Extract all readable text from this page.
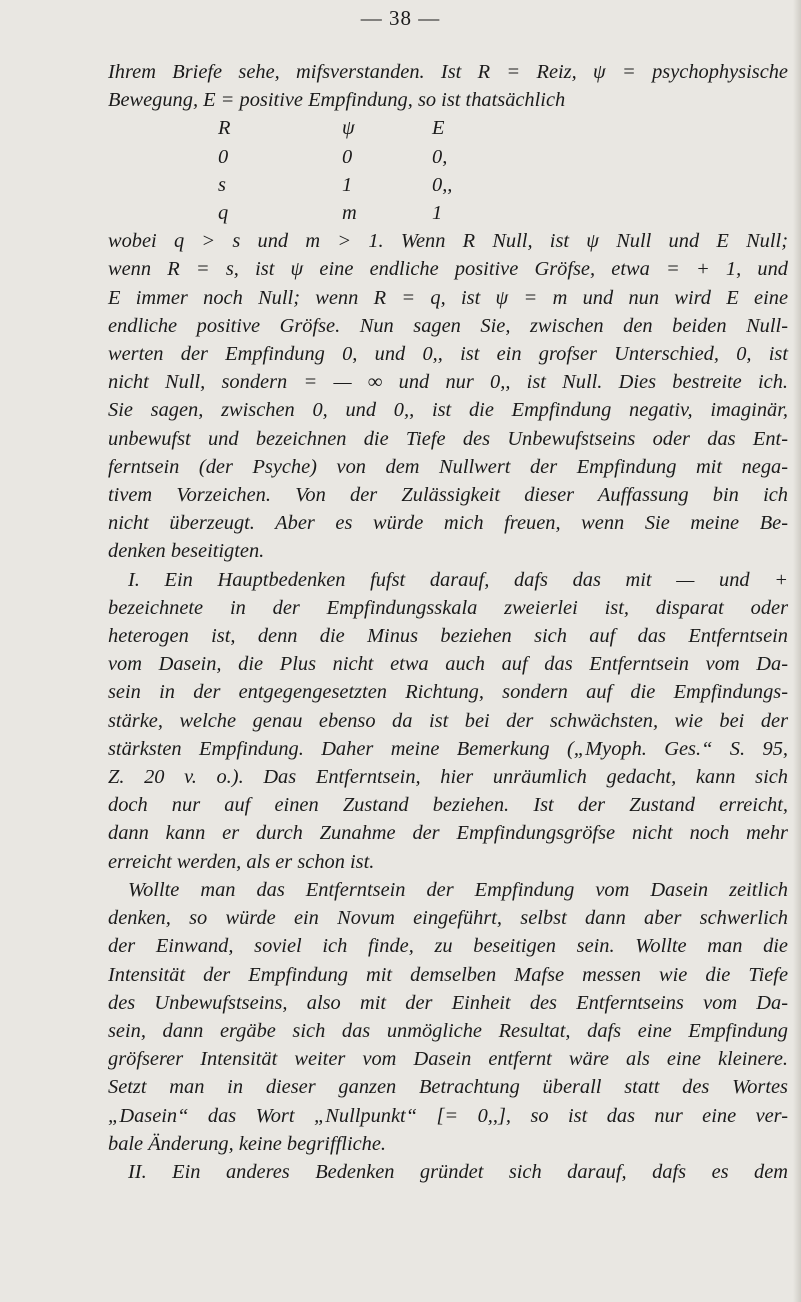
— 38 —
Ihrem Briefe sehe, mifsverstanden. Ist R = Reiz, ψ = psychophysische
Bewegung, E = positive Empfindung, so ist thatsächlich
R	ψ	E
0	0	0,
s	1	0,,
q	m	1
wobei q > s und m > 1. Wenn R Null, ist ψ Null und E Null;
wenn R = s, ist ψ eine endliche positive Gröfse, etwa = + 1, und
E immer noch Null; wenn R = q, ist ψ = m und nun wird E eine
endliche positive Gröfse. Nun sagen Sie, zwischen den beiden Null-
werten der Empfindung 0, und 0,, ist ein grofser Unterschied, 0, ist
nicht Null, sondern = — ∞ und nur 0,, ist Null. Dies bestreite ich.
Sie sagen, zwischen 0, und 0,, ist die Empfindung negativ, imaginär,
unbewufst und bezeichnen die Tiefe des Unbewufstseins oder das Ent-
ferntsein (der Psyche) von dem Nullwert der Empfindung mit nega-
tivem Vorzeichen. Von der Zulässigkeit dieser Auffassung bin ich
nicht überzeugt. Aber es würde mich freuen, wenn Sie meine Be-
denken beseitigten.
I. Ein Hauptbedenken fufst darauf, dafs das mit — und +
bezeichnete in der Empfindungsskala zweierlei ist, disparat oder
heterogen ist, denn die Minus beziehen sich auf das Entferntsein
vom Dasein, die Plus nicht etwa auch auf das Entferntsein vom Da-
sein in der entgegengesetzten Richtung, sondern auf die Empfindungs-
stärke, welche genau ebenso da ist bei der schwächsten, wie bei der
stärksten Empfindung. Daher meine Bemerkung („Myoph. Ges.“ S. 95,
Z. 20 v. o.). Das Entferntsein, hier unräumlich gedacht, kann sich
doch nur auf einen Zustand beziehen. Ist der Zustand erreicht,
dann kann er durch Zunahme der Empfindungsgröfse nicht noch mehr
erreicht werden, als er schon ist.
Wollte man das Entferntsein der Empfindung vom Dasein zeitlich
denken, so würde ein Novum eingeführt, selbst dann aber schwerlich
der Einwand, soviel ich finde, zu beseitigen sein. Wollte man die
Intensität der Empfindung mit demselben Mafse messen wie die Tiefe
des Unbewufstseins, also mit der Einheit des Entferntseins vom Da-
sein, dann ergäbe sich das unmögliche Resultat, dafs eine Empfindung
gröfserer Intensität weiter vom Dasein entfernt wäre als eine kleinere.
Setzt man in dieser ganzen Betrachtung überall statt des Wortes
„Dasein“ das Wort „Nullpunkt“ [= 0,,], so ist das nur eine ver-
bale Änderung, keine begriffliche.
II. Ein anderes Bedenken gründet sich darauf, dafs es dem
